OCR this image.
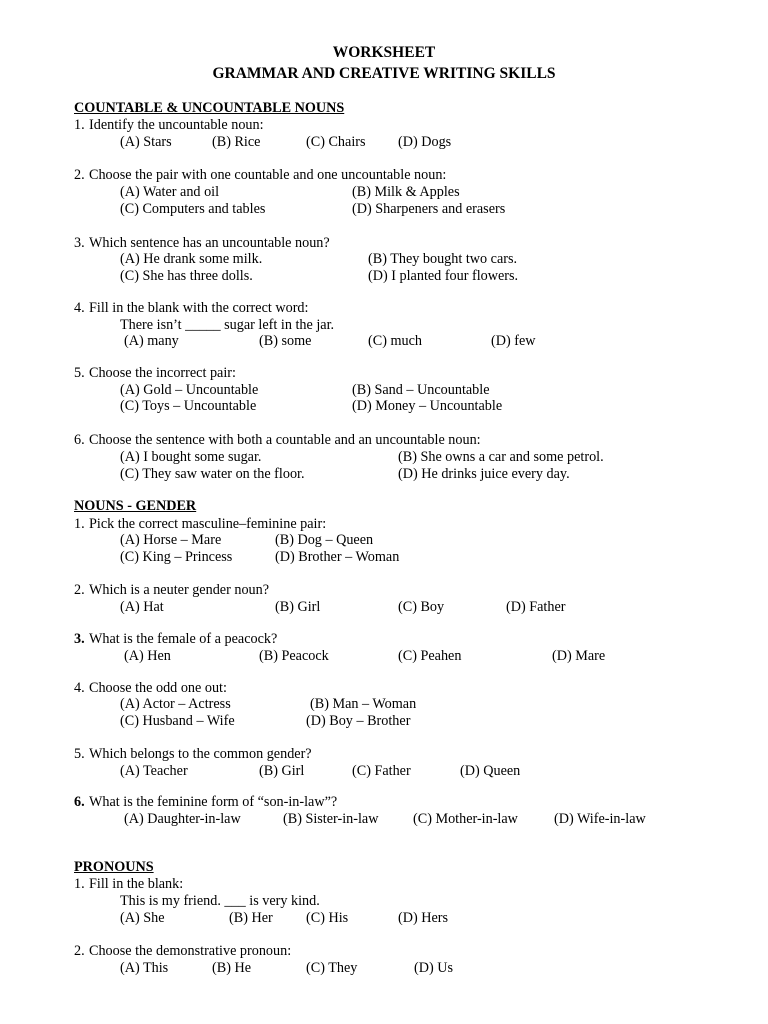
WORKSHEET
GRAMMAR AND CREATIVE WRITING SKILLS
COUNTABLE & UNCOUNTABLE NOUNS
1. Identify the uncountable noun:
(A) Stars	(B) Rice	(C) Chairs (D) Dogs
2. Choose the pair with one countable and one uncountable noun:
(A) Water and oil	(B) Milk & Apples
(C) Computers and tables	(D) Sharpeners and erasers
3. Which sentence has an uncountable noun?
(A) He drank some milk.	(B) They bought two cars.
(C) She has three dolls.	(D) I planted four flowers.
4. Fill in the blank with the correct word:
There isn’t _____ sugar left in the jar.
(A) many	(B) some	(C) much	(D) few
5. Choose the incorrect pair:
(A) Gold – Uncountable	(B) Sand – Uncountable
(C) Toys – Uncountable	(D) Money – Uncountable
6. Choose the sentence with both a countable and an uncountable noun:
(A) I bought some sugar.	(B) She owns a car and some petrol.
(C) They saw water on the floor.	(D) He drinks juice every day.
NOUNS - GENDER
1. Pick the correct masculine–feminine pair:
(A) Horse – Mare	(B) Dog – Queen
(C) King – Princess	(D) Brother – Woman
2. Which is a neuter gender noun?
(A) Hat	(B) Girl	(C) Boy	(D) Father
3. What is the female of a peacock?
(A) Hen	(B) Peacock	(C) Peahen	(D) Mare
4. Choose the odd one out:
(A) Actor – Actress	(B) Man – Woman
(C) Husband – Wife	(D) Boy – Brother
5. Which belongs to the common gender?
(A) Teacher	(B) Girl	(C) Father	(D) Queen
6. What is the feminine form of “son-in-law”?
(A) Daughter-in-law	(B) Sister-in-law (C) Mother-in-law	(D) Wife-in-law
PRONOUNS
1. Fill in the blank:
This is my friend. ___ is very kind.
(A) She	(B) Her (C) His	(D) Hers
2. Choose the demonstrative pronoun:
(A) This	(B) He	(C) They	(D) Us
